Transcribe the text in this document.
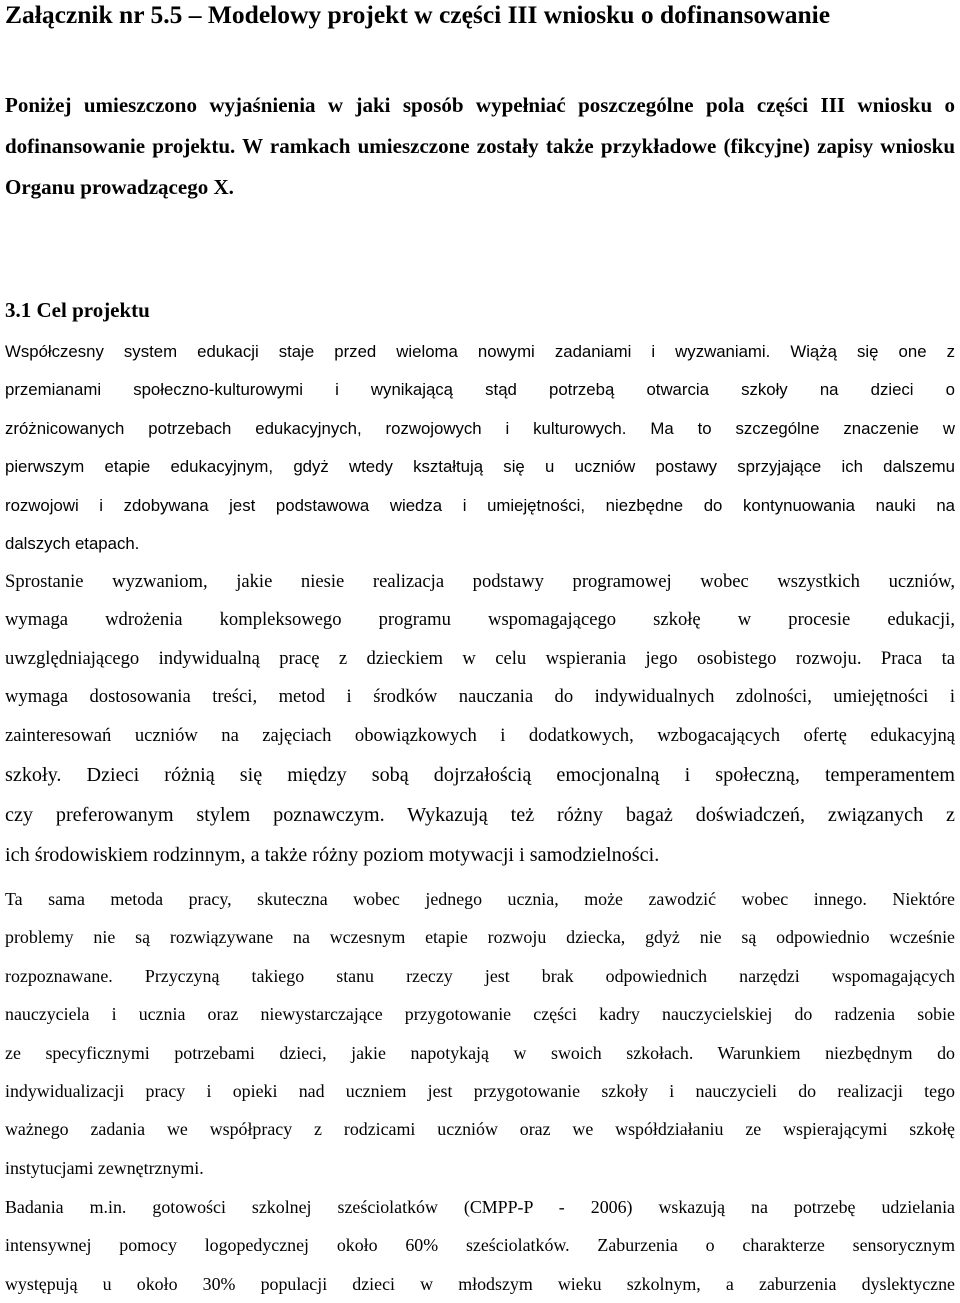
Załącznik nr 5.5 – Modelowy projekt w części III wniosku o dofinansowanie
Poniżej umieszczono wyjaśnienia w jaki sposób wypełniać poszczególne pola części III wniosku o dofinansowanie projektu. W ramkach umieszczone zostały także przykładowe (fikcyjne) zapisy wniosku Organu prowadzącego X.
3.1 Cel projektu
Współczesny system edukacji staje przed wieloma nowymi zadaniami i wyzwaniami. Wiążą się one z
przemianami społeczno-kulturowymi i wynikającą stąd potrzebą otwarcia szkoły na dzieci o
zróżnicowanych potrzebach edukacyjnych, rozwojowych i kulturowych. Ma to szczególne znaczenie w
pierwszym etapie edukacyjnym, gdyż wtedy kształtują się u uczniów postawy sprzyjające ich dalszemu
rozwojowi i zdobywana jest podstawowa wiedza i umiejętności, niezbędne do kontynuowania nauki na
dalszych etapach.
Sprostanie wyzwaniom, jakie niesie realizacja podstawy programowej wobec wszystkich uczniów,
wymaga wdrożenia kompleksowego programu wspomagającego szkołę w procesie edukacji,
uwzględniającego indywidualną pracę z dzieckiem w celu wspierania jego osobistego rozwoju. Praca ta
wymaga dostosowania treści, metod i środków nauczania do indywidualnych zdolności, umiejętności i
zainteresowań uczniów na zajęciach obowiązkowych i dodatkowych, wzbogacających ofertę edukacyjną
szkoły. Dzieci różnią się między sobą dojrzałością emocjonalną i społeczną, temperamentem
czy preferowanym stylem poznawczym. Wykazują też różny bagaż doświadczeń, związanych z
ich środowiskiem rodzinnym, a także różny poziom motywacji i samodzielności.
Ta sama metoda pracy, skuteczna wobec jednego ucznia, może zawodzić wobec innego. Niektóre
problemy nie są rozwiązywane na wczesnym etapie rozwoju dziecka, gdyż nie są odpowiednio wcześnie
rozpoznawane. Przyczyną takiego stanu rzeczy jest brak odpowiednich narzędzi wspomagających
nauczyciela i ucznia oraz niewystarczające przygotowanie części kadry nauczycielskiej do radzenia sobie
ze specyficznymi potrzebami dzieci, jakie napotykają w swoich szkołach. Warunkiem niezbędnym do
indywidualizacji pracy i opieki nad uczniem jest przygotowanie szkoły i nauczycieli do realizacji tego
ważnego zadania we współpracy z rodzicami uczniów oraz we współdziałaniu ze wspierającymi szkołę
instytucjami zewnętrznymi.
Badania m.in. gotowości szkolnej sześciolatków (CMPP-P - 2006) wskazują na potrzebę udzielania
intensywnej pomocy logopedycznej około 60% sześciolatków. Zaburzenia o charakterze sensorycznym
występują u około 30% populacji dzieci w młodszym wieku szkolnym, a zaburzenia dyslektyczne
